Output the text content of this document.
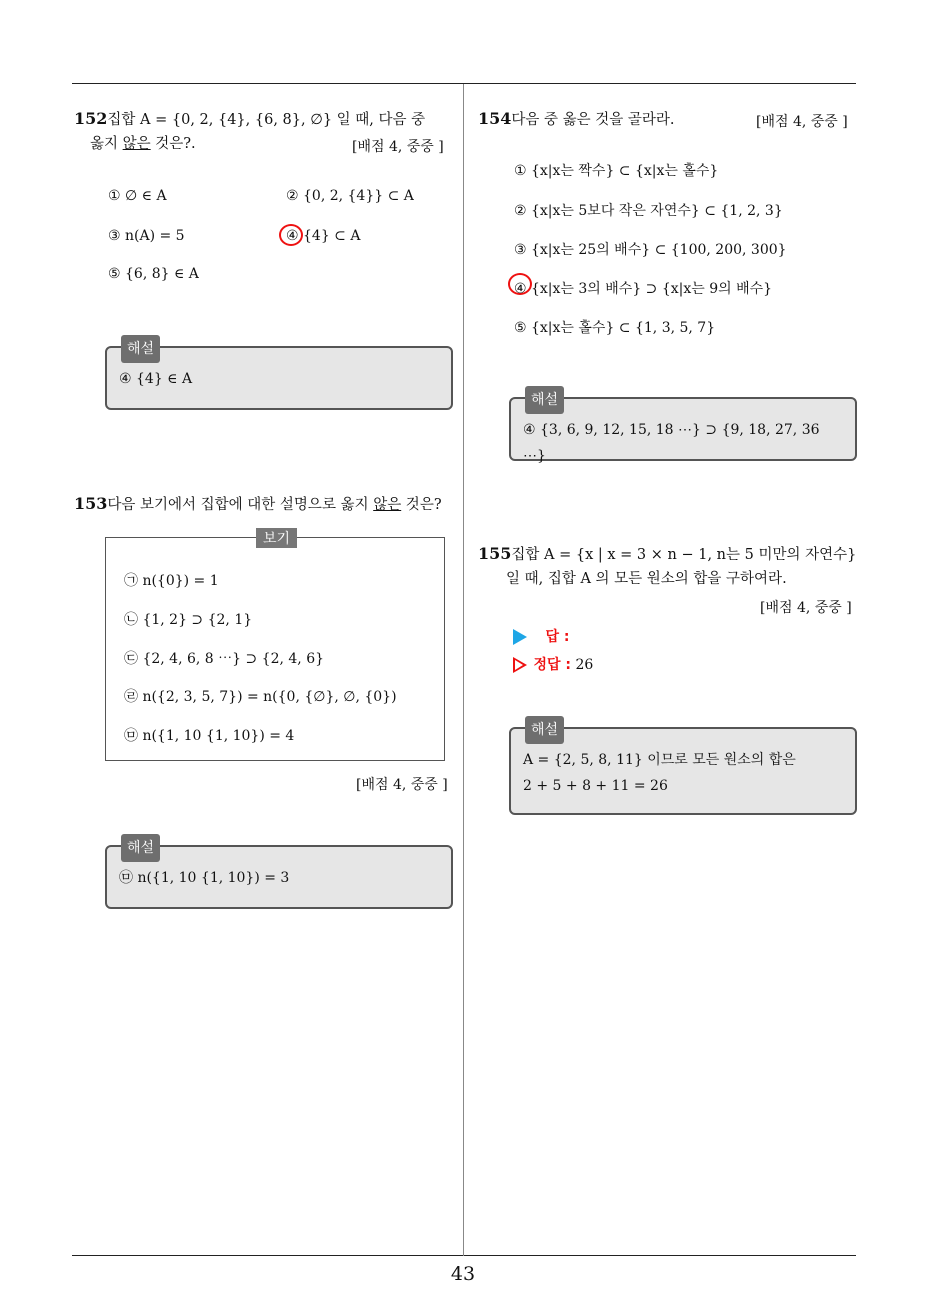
152집합 A = {0, 2, {4}, {6, 8}, ∅} 일 때, 다음 중
옳지 않은 것은?.	[배점 4, 중중 ]
① ∅ ∈ A	② {0, 2, {4}} ⊂ A
③ n(A) = 5	④ {4} ⊂ A
⑤ {6, 8} ∈ A
해설
④ {4} ∈ A
153다음 보기에서 집합에 대한 설명으로 옳지 않은 것은?
보기
㉠ n({0}) = 1
㉡ {1, 2} ⊃ {2, 1}
㉢ {2, 4, 6, 8 ⋯} ⊃ {2, 4, 6}
㉣ n({2, 3, 5, 7}) = n({0, {∅}, ∅, {0})
㉤ n({1, 10 {1, 10}) = 4
[배점 4, 중중 ]
해설
㉤ n({1, 10 {1, 10}) = 3
154다음 중 옳은 것을 골라라.	[배점 4, 중중 ]
① {x|x는 짝수} ⊂ {x|x는 홀수}
② {x|x는 5보다 작은 자연수} ⊂ {1, 2, 3}
③ {x|x는 25의 배수} ⊂ {100, 200, 300}
④ {x|x는 3의 배수} ⊃ {x|x는 9의 배수}
⑤ {x|x는 홀수} ⊂ {1, 3, 5, 7}
해설
④ {3, 6, 9, 12, 15, 18 ⋯} ⊃ {9, 18, 27, 36 ⋯}
155집합 A = {x | x = 3 × n − 1, n는 5 미만의 자연수}
일 때, 집합 A 의 모든 원소의 합을 구하여라.
[배점 4, 중중 ]
답 :
정답 : 26
해설
A = {2, 5, 8, 11} 이므로 모든 원소의 합은
2 + 5 + 8 + 11 = 26
43
